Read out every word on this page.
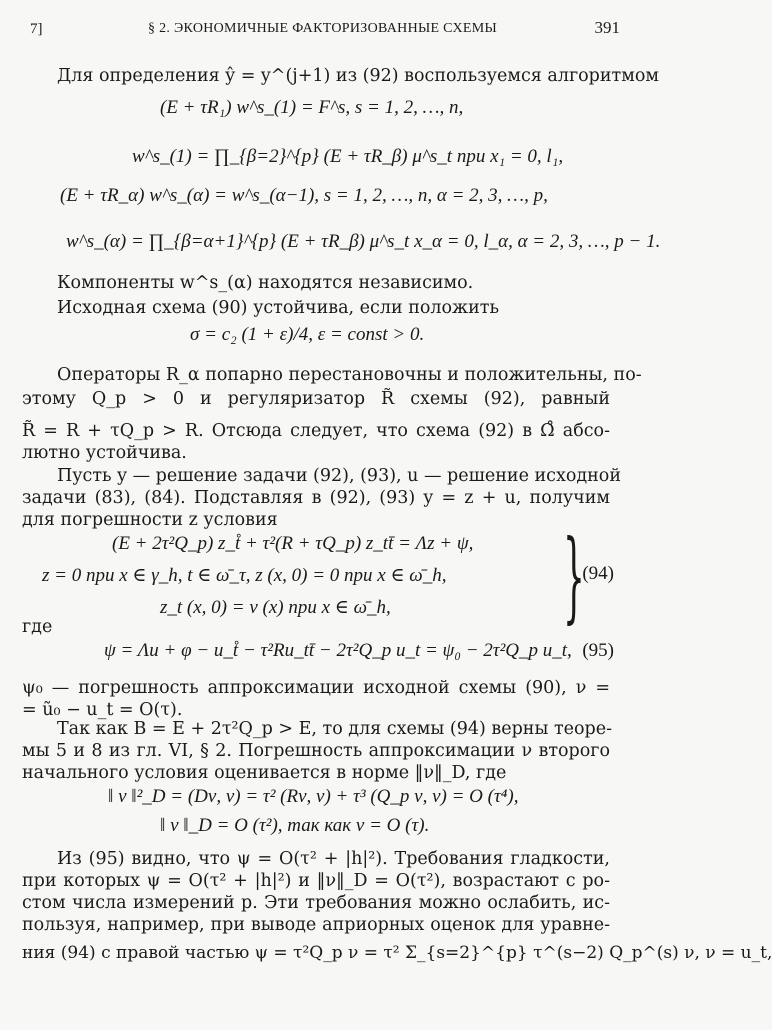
7]	§ 2. ЭКОНОМИЧНЫЕ ФАКТОРИЗОВАННЫЕ СХЕМЫ	391
Для определения ŷ = y^(j+1) из (92) воспользуемся алгоритмом
(E + τR₁) w^s_(1) = F^s, s = 1, 2, …, n,
w^s_(1) = ∏_{β=2}^{p} (E + τR_β) μ^s_t при x₁ = 0, l₁,
(E + τR_α) w^s_(α) = w^s_(α−1), s = 1, 2, …, n, α = 2, 3, …, p,
w^s_(α) = ∏_{β=α+1}^{p} (E + τR_β) μ^s_t x_α = 0, l_α, α = 2, 3, …, p − 1.
Компоненты w^s_(α) находятся независимо.
Исходная схема (90) устойчива, если положить
σ = c₂ (1 + ε)/4, ε = const > 0.
Операторы R_α попарно перестановочны и положительны, по-
этому Q_p > 0 и регуляризатор R̃ схемы (92), равный
R̃ = R + τQ_p > R. Отсюда следует, что схема (92) в Ω̊ абсо-
лютно устойчива.
Пусть y — решение задачи (92), (93), u — решение исходной
задачи (83), (84). Подставляя в (92), (93) y = z + u, получим
для погрешности z условия
(E + 2τ²Q_p) z_t̊ + τ²(R + τQ_p) z_tt̄ = Λz + ψ,
z = 0 при x ∈ γ_h, t ∈ ω̄_τ, z (x, 0) = 0 при x ∈ ω̄_h,
z_t (x, 0) = ν (x) при x ∈ ω̄_h, }
(94)
где
ψ = Λu + φ − u_t̊ − τ²Ru_tt̄ − 2τ²Q_p u_t = ψ₀ − 2τ²Q_p u_t, (95)
ψ₀ — погрешность аппроксимации исходной схемы (90), ν =
= ũ₀ − u_t = O(τ).
Так как B = E + 2τ²Q_p > E, то для схемы (94) верны теоре-
мы 5 и 8 из гл. VI, § 2. Погрешность аппроксимации ν второго
начального условия оценивается в норме ‖ν‖_D, где
‖ ν ‖²_D = (Dν, ν) = τ² (Rν, ν) + τ³ (Q_p ν, ν) = O (τ⁴),
‖ ν ‖_D = O (τ²), так как ν = O (τ).
Из (95) видно, что ψ = O(τ² + |h|²). Требования гладкости,
при которых ψ = O(τ² + |h|²) и ‖ν‖_D = O(τ²), возрастают с ро-
стом числа измерений p. Эти требования можно ослабить, ис-
пользуя, например, при выводе априорных оценок для уравне-
ния (94) с правой частью ψ = τ²Q_p ν = τ² Σ_{s=2}^{p} τ^(s−2) Q_p^(s) ν, ν = u_t,
